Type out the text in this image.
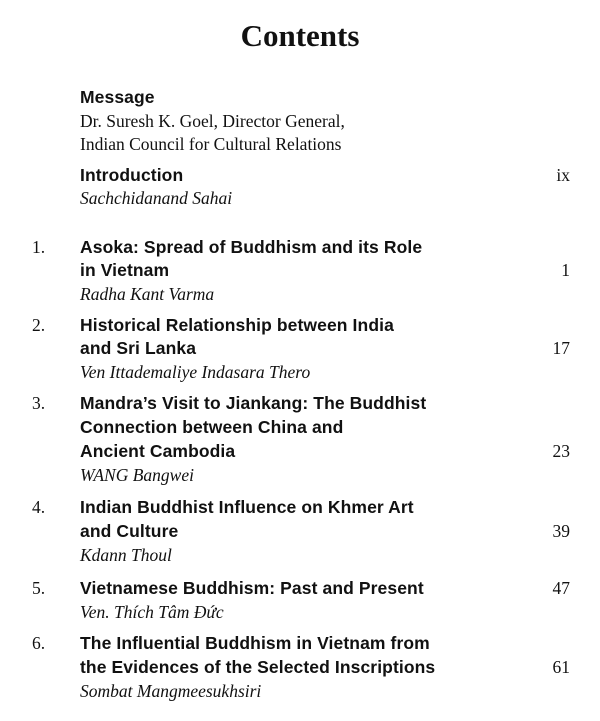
Contents
Message
Dr. Suresh K. Goel, Director General,
Indian Council for Cultural Relations
Introduction	ix
Sachchidanand Sahai
1. Asoka: Spread of Buddhism and its Role
in Vietnam	1
Radha Kant Varma
2. Historical Relationship between India
and Sri Lanka	17
Ven Ittademaliye Indasara Thero
3. Mandra’s Visit to Jiankang: The Buddhist
Connection between China and
Ancient Cambodia	23
WANG Bangwei
4. Indian Buddhist Influence on Khmer Art
and Culture	39
Kdann Thoul
5. Vietnamese Buddhism: Past and Present	47
Ven. Thích Tâm Đức
6. The Influential Buddhism in Vietnam from
the Evidences of the Selected Inscriptions	61
Sombat Mangmeesukhsiri
